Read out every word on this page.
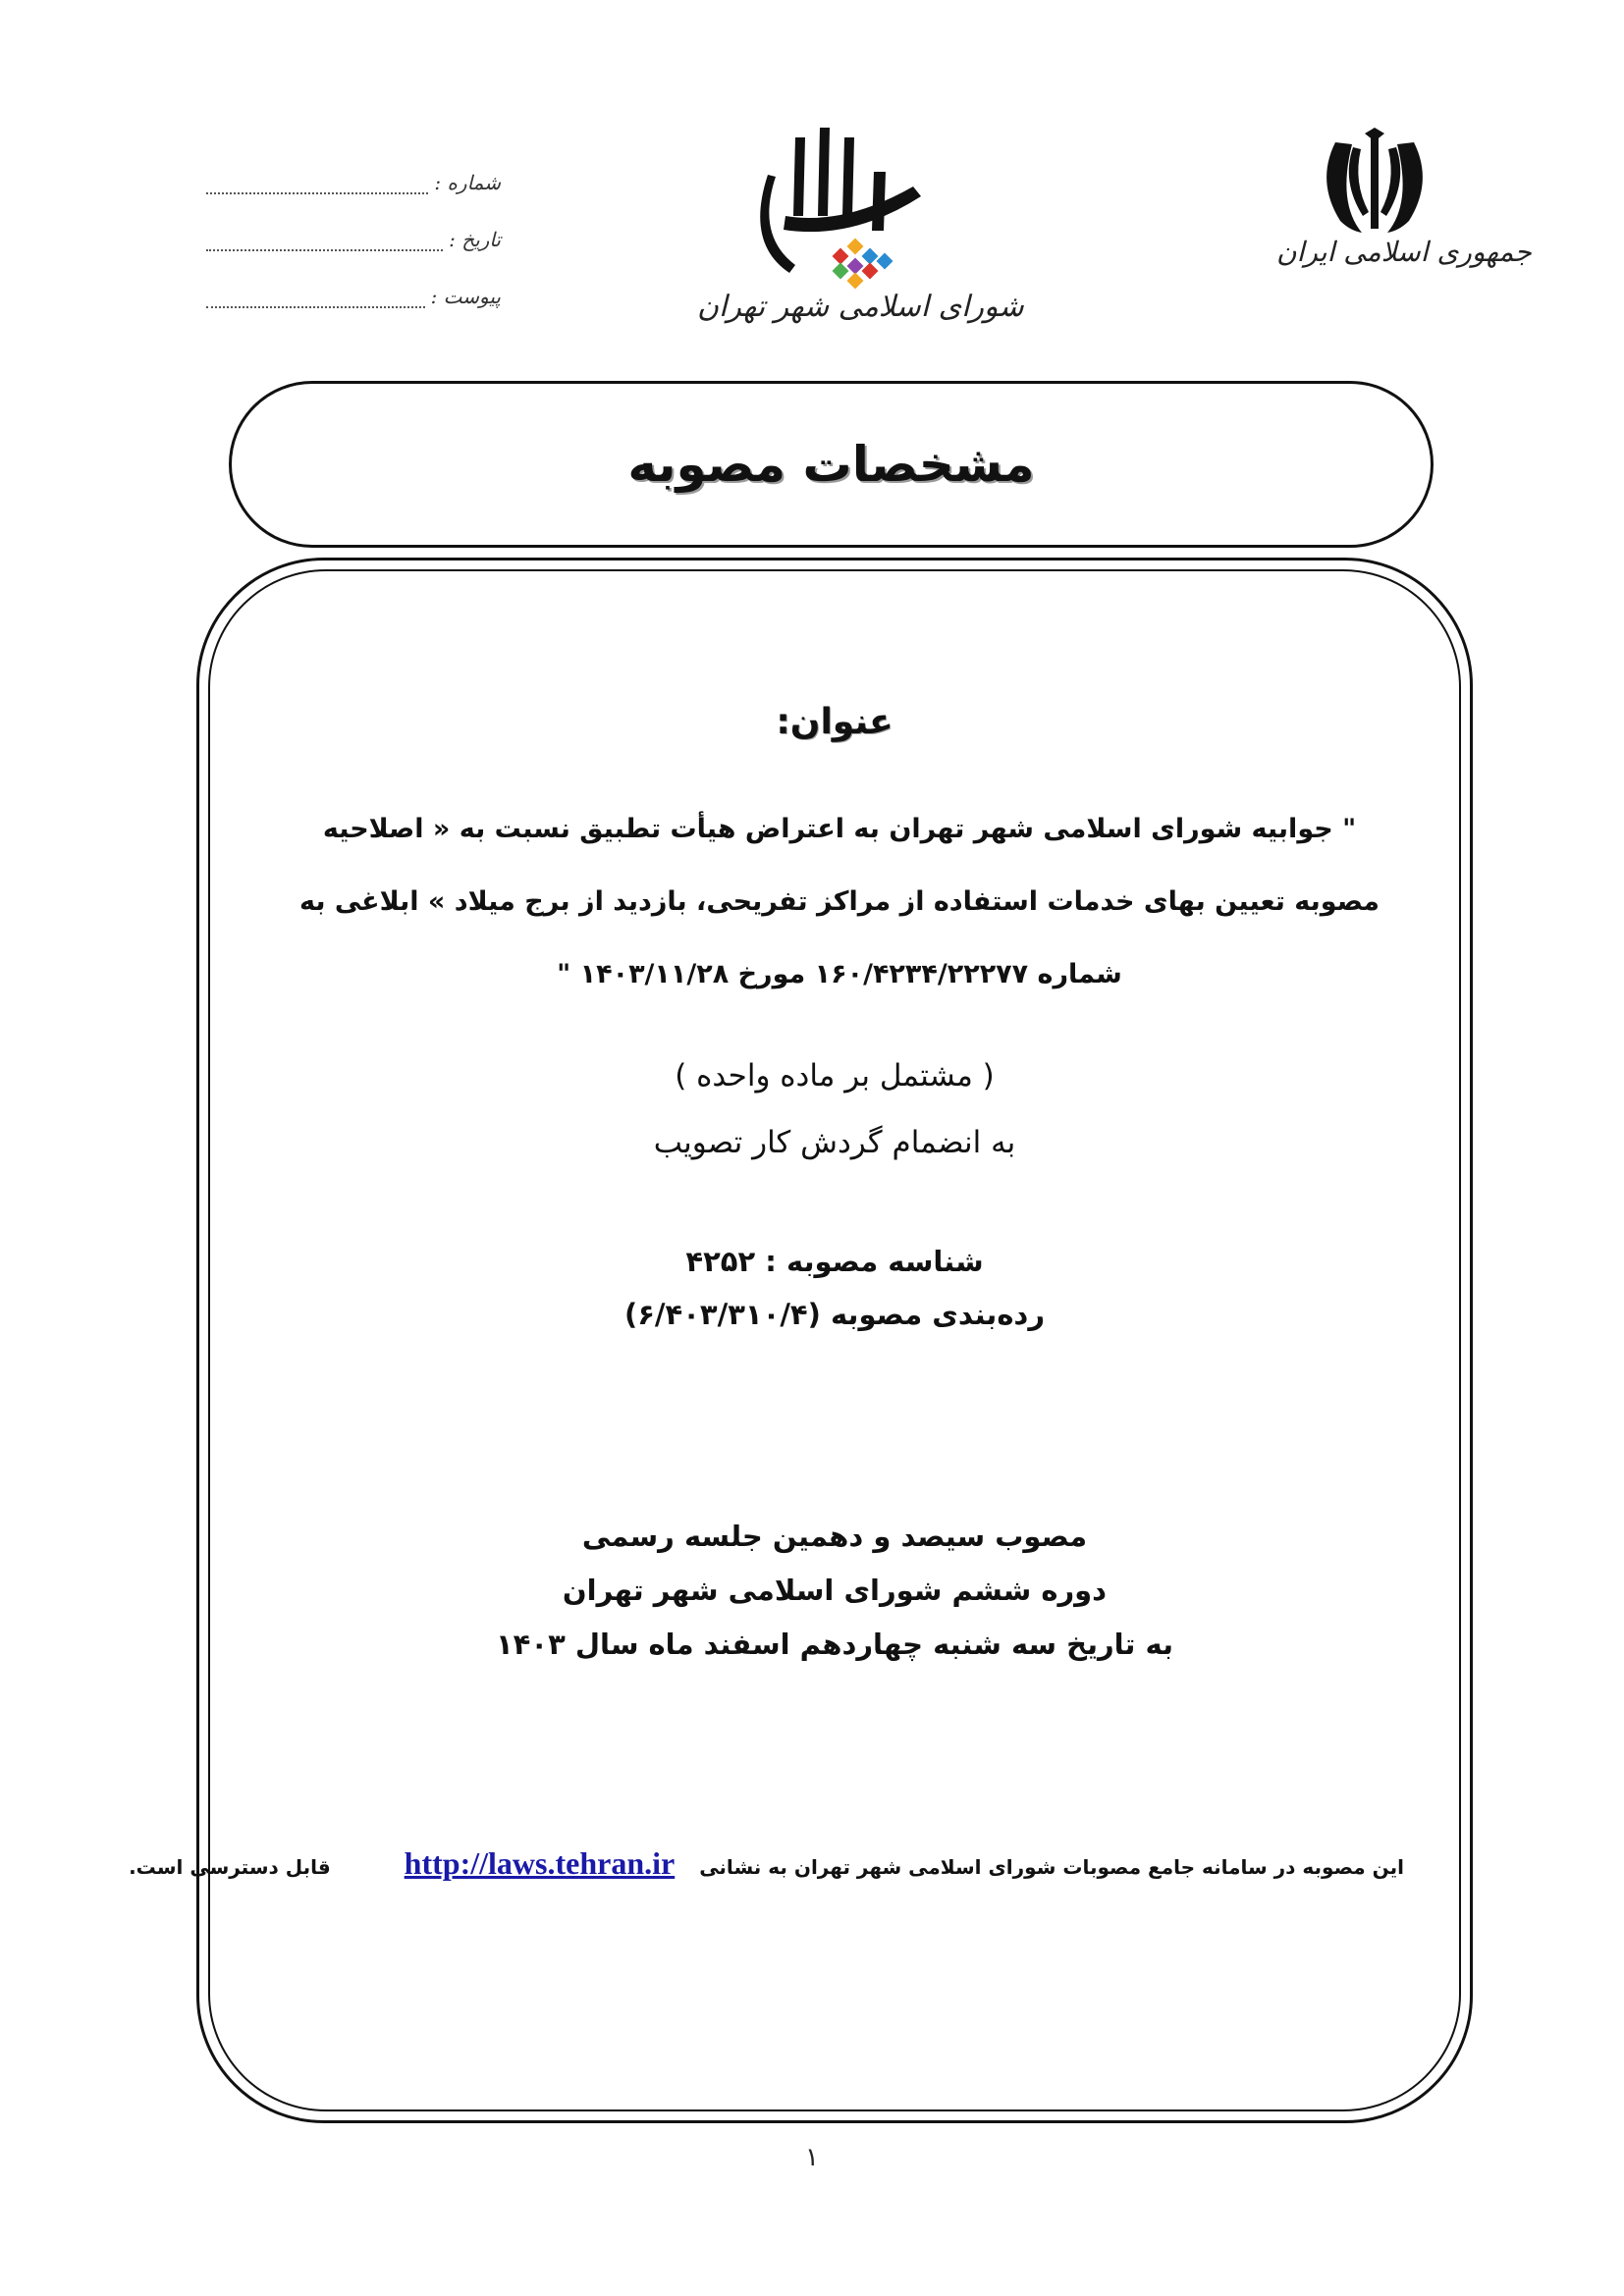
شماره :
تاریخ :
پیوست :	شورای اسلامی شهر تهران
جمهوری اسلامی ایران
مشخصات مصوبه
عنوان:
" جوابیه شورای اسلامی شهر تهران به اعتراض هیأت تطبیق نسبت به « اصلاحیه مصوبه تعیین بهای خدمات استفاده از مراکز تفریحی، بازدید از برج میلاد » ابلاغی به شماره ۱۶۰/۴۲۳۴/۲۲۲۷۷ مورخ ۱۴۰۳/۱۱/۲۸ "
( مشتمل بر ماده واحده )
به انضمام گردش کار تصویب
شناسه مصوبه : ۴۲۵۲
رده‌بندی مصوبه (۶/۴۰۳/۳۱۰/۴)
مصوب سیصد و دهمین جلسه رسمی
دوره ششم شورای اسلامی شهر تهران
به تاریخ سه شنبه چهاردهم اسفند ماه سال ۱۴۰۳
این مصوبه در سامانه جامع مصوبات شورای اسلامی شهر تهران به نشانی http://laws.tehran.ir قابل دسترسی است.
۱
